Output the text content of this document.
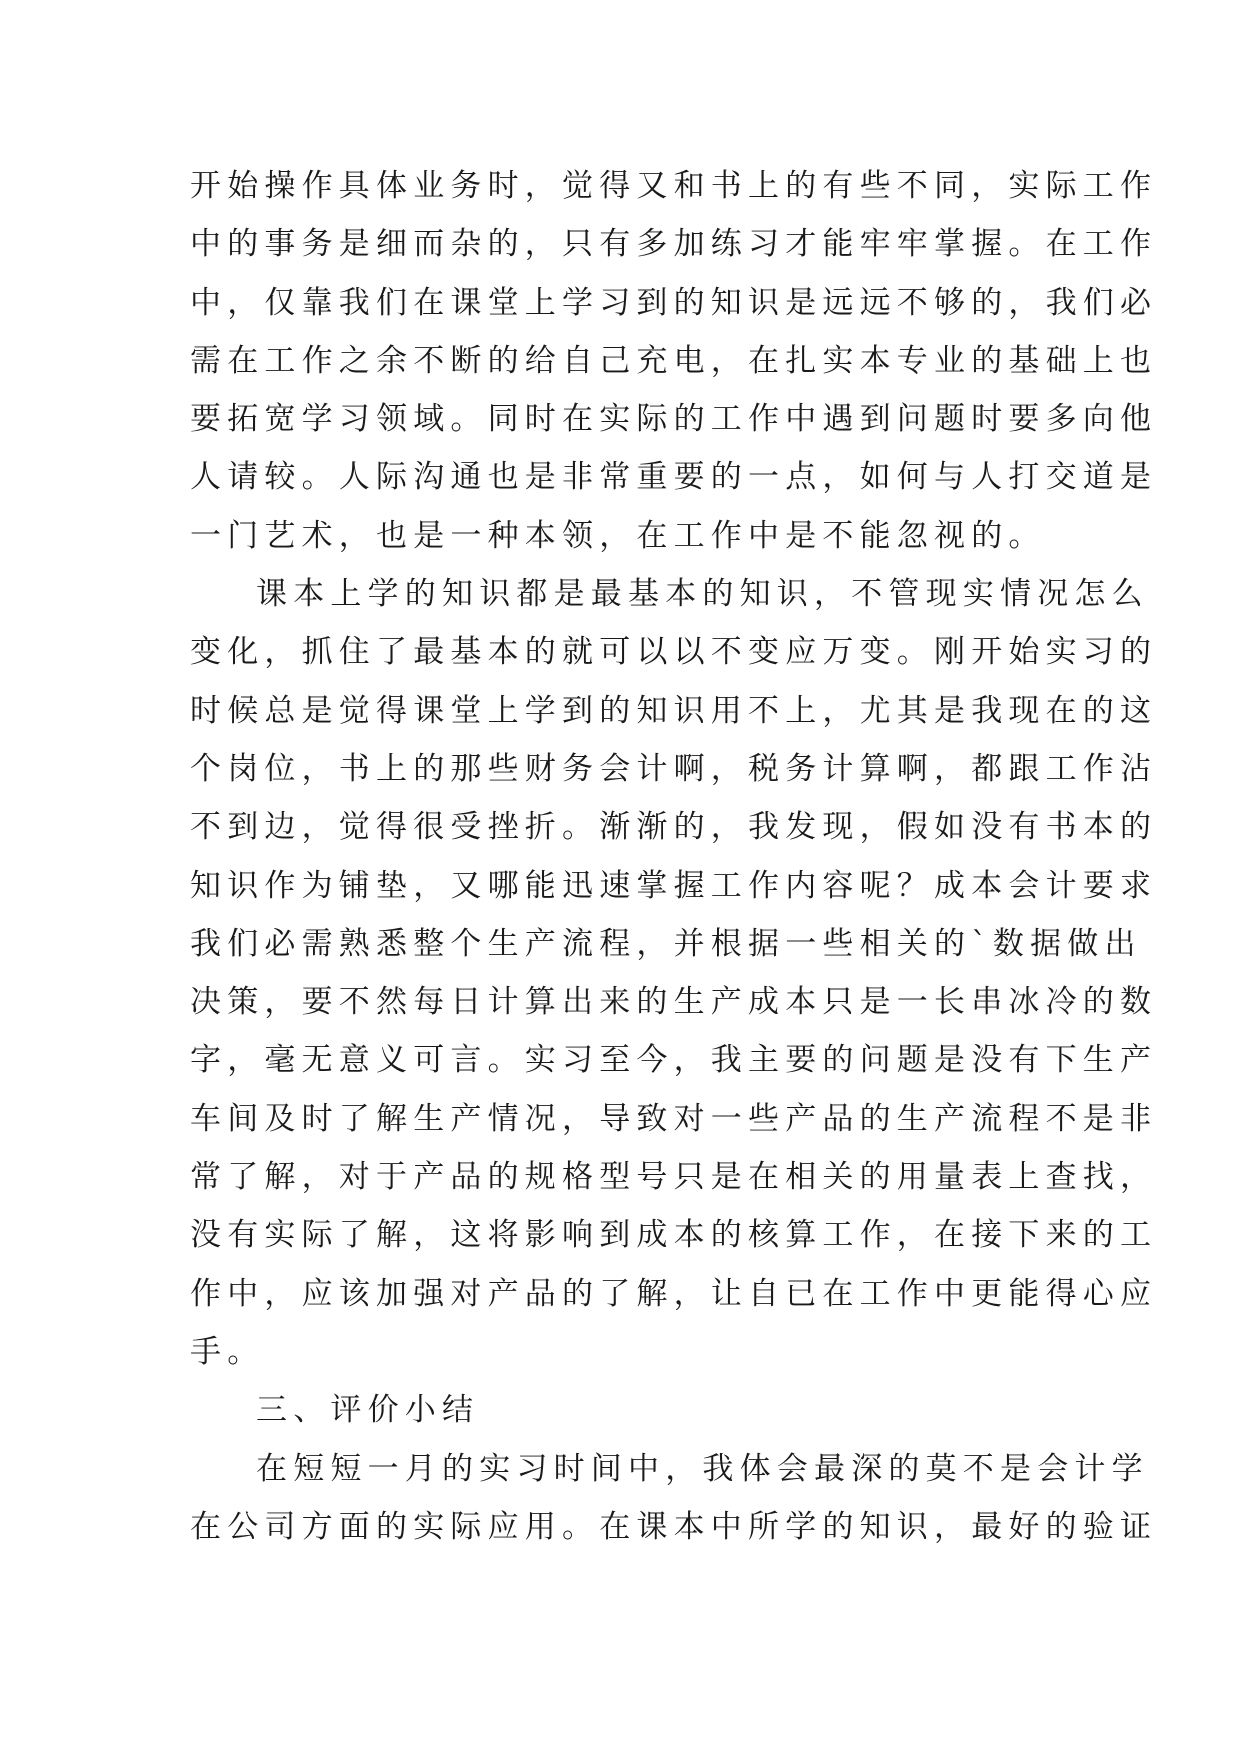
开始操作具体业务时，觉得又和书上的有些不同，实际工作
中的事务是细而杂的，只有多加练习才能牢牢掌握。在工作
中，仅靠我们在课堂上学习到的知识是远远不够的，我们必
需在工作之余不断的给自己充电，在扎实本专业的基础上也
要拓宽学习领域。同时在实际的工作中遇到问题时要多向他
人请较。人际沟通也是非常重要的一点，如何与人打交道是
一门艺术，也是一种本领，在工作中是不能忽视的。
课本上学的知识都是最基本的知识，不管现实情况怎么
变化，抓住了最基本的就可以以不变应万变。刚开始实习的
时候总是觉得课堂上学到的知识用不上，尤其是我现在的这
个岗位，书上的那些财务会计啊，税务计算啊，都跟工作沾
不到边，觉得很受挫折。渐渐的，我发现，假如没有书本的
知识作为铺垫，又哪能迅速掌握工作内容呢？成本会计要求
我们必需熟悉整个生产流程，并根据一些相关的`数据做出
决策，要不然每日计算出来的生产成本只是一长串冰冷的数
字，毫无意义可言。实习至今，我主要的问题是没有下生产
车间及时了解生产情况，导致对一些产品的生产流程不是非
常了解，对于产品的规格型号只是在相关的用量表上查找，
没有实际了解，这将影响到成本的核算工作，在接下来的工
作中，应该加强对产品的了解，让自已在工作中更能得心应
手。
三、评价小结
在短短一月的实习时间中，我体会最深的莫不是会计学
在公司方面的实际应用。在课本中所学的知识，最好的验证
